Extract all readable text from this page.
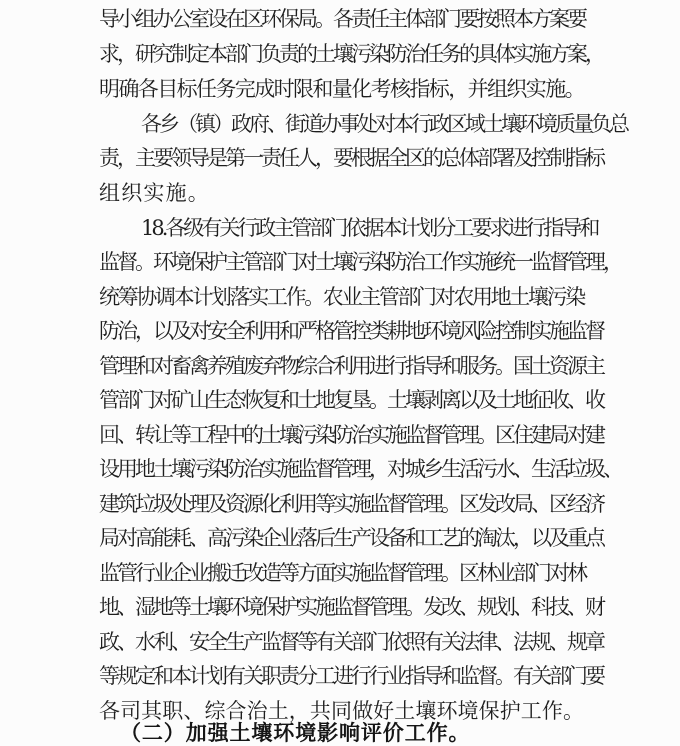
导小组办公室设在区环保局。各责任主体部门要按照本方案要
求，研究制定本部门负责的土壤污染防治任务的具体实施方案，
明确各目标任务完成时限和量化考核指标，并组织实施。
各乡（镇）政府、街道办事处对本行政区域土壤环境质量负总
责，主要领导是第一责任人，要根据全区的总体部署及控制指标
组织实施。
18.各级有关行政主管部门依据本计划分工要求进行指导和
监督。环境保护主管部门对土壤污染防治工作实施统一监督管理，
统筹协调本计划落实工作。农业主管部门对农用地土壤污染
防治，以及对安全利用和严格管控类耕地环境风险控制实施监督
管理和对畜禽养殖废弃物综合利用进行指导和服务。国土资源主
管部门对矿山生态恢复和土地复垦。土壤剥离以及土地征收、收
回、转让等工程中的土壤污染防治实施监督管理。区住建局对建
设用地土壤污染防治实施监督管理，对城乡生活污水、生活垃圾、
建筑垃圾处理及资源化利用等实施监督管理。区发改局、区经济
局对高能耗、高污染企业落后生产设备和工艺的淘汰，以及重点
监管行业企业搬迁改造等方面实施监督管理。区林业部门对林
地、湿地等土壤环境保护实施监督管理。发改、规划、科技、财
政、水利、安全生产监督等有关部门依照有关法律、法规、规章
等规定和本计划有关职责分工进行行业指导和监督。有关部门要
各司其职、综合治土，共同做好土壤环境保护工作。
（二）加强土壤环境影响评价工作。
